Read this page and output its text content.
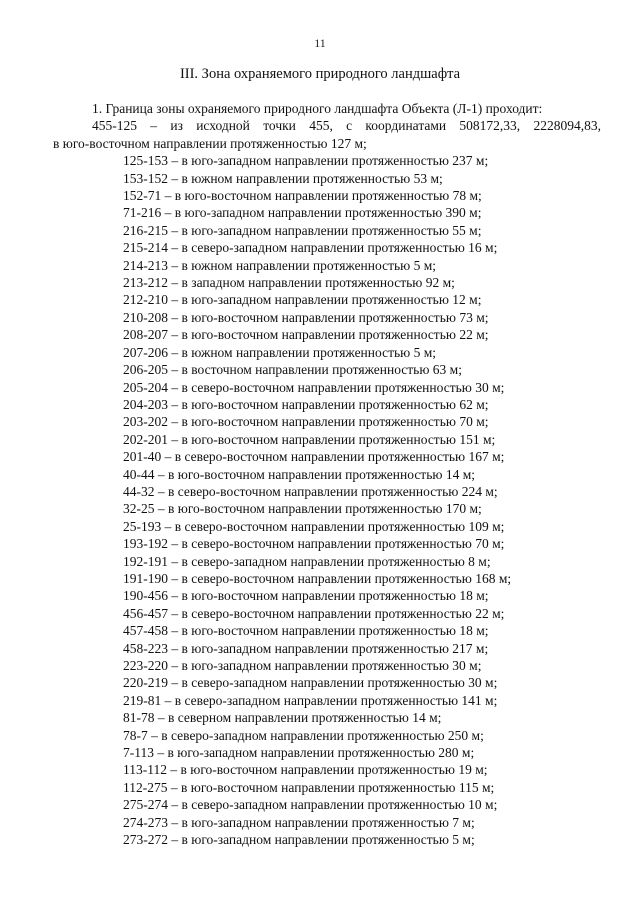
11
III. Зона охраняемого природного ландшафта

1. Граница зоны охраняемого природного ландшафта Объекта (Л-1) проходит:

455-125 – из исходной точки 455, с координатами 508172,33, 2228094,83,

в юго-восточном направлении протяженностью 127 м;

125-153 – в юго-западном направлении протяженностью 237 м;
153-152 – в южном направлении протяженностью 53 м;
152-71 – в юго-восточном направлении протяженностью 78 м;
71-216 – в юго-западном направлении протяженностью 390 м;
216-215 – в юго-западном направлении протяженностью 55 м;
215-214 – в северо-западном направлении протяженностью 16 м;
214-213 – в южном направлении протяженностью 5 м;
213-212 – в западном направлении протяженностью 92 м;
212-210 – в юго-западном направлении протяженностью 12 м;
210-208 – в юго-восточном направлении протяженностью 73 м;
208-207 – в юго-восточном направлении протяженностью 22 м;
207-206 – в южном направлении протяженностью 5 м;
206-205 – в восточном направлении протяженностью 63 м;
205-204 – в северо-восточном направлении протяженностью 30 м;
204-203 – в юго-восточном направлении протяженностью 62 м;
203-202 – в юго-восточном направлении протяженностью 70 м;
202-201 – в юго-восточном направлении протяженностью 151 м;
201-40 – в северо-восточном направлении протяженностью 167 м;
40-44 – в юго-восточном направлении протяженностью 14 м;
44-32 – в северо-восточном направлении протяженностью 224 м;
32-25 – в юго-восточном направлении протяженностью 170 м;
25-193 – в северо-восточном направлении протяженностью 109 м;
193-192 – в северо-восточном направлении протяженностью 70 м;
192-191 – в северо-западном направлении протяженностью 8 м;
191-190 – в северо-восточном направлении протяженностью 168 м;
190-456 – в юго-восточном направлении протяженностью 18 м;
456-457 – в северо-восточном направлении протяженностью 22 м;
457-458 – в юго-восточном направлении протяженностью 18 м;
458-223 – в юго-западном направлении протяженностью 217 м;
223-220 – в юго-западном направлении протяженностью 30 м;
220-219 – в северо-западном направлении протяженностью 30 м;
219-81 – в северо-западном направлении протяженностью 141 м;
81-78 – в северном направлении протяженностью 14 м;
78-7 – в северо-западном направлении протяженностью 250 м;
7-113 – в юго-западном направлении протяженностью 280 м;
113-112 – в юго-восточном направлении протяженностью 19 м;
112-275 – в юго-восточном направлении протяженностью 115 м;
275-274 – в северо-западном направлении протяженностью 10 м;
274-273 – в юго-западном направлении протяженностью 7 м;
273-272 – в юго-западном направлении протяженностью 5 м;
